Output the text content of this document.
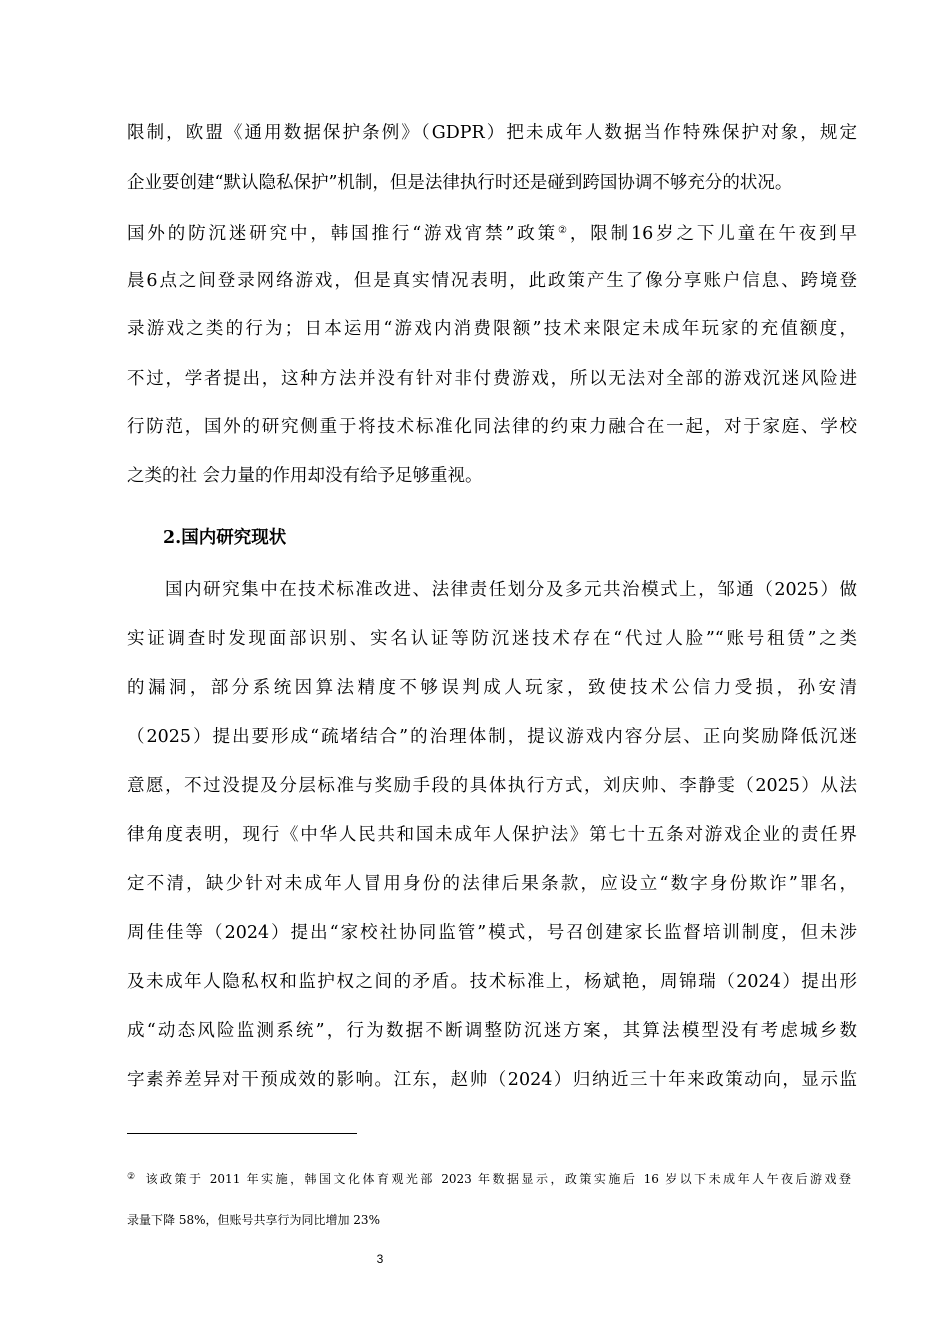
限制，欧盟《通用数据保护条例》（GDPR）把未成年人数据当作特殊保护对象，规定
企业要创建“默认隐私保护”机制，但是法律执行时还是碰到跨国协调不够充分的状况。
国外的防沉迷研究中，韩国推行“游戏宵禁”政策②，限制16岁之下儿童在午夜到早
晨6点之间登录网络游戏，但是真实情况表明，此政策产生了像分享账户信息、跨境登
录游戏之类的行为；日本运用“游戏内消费限额”技术来限定未成年玩家的充值额度，
不过，学者提出，这种方法并没有针对非付费游戏，所以无法对全部的游戏沉迷风险进
行防范，国外的研究侧重于将技术标准化同法律的约束力融合在一起，对于家庭、学校
之类的社 会力量的作用却没有给予足够重视。
2.国内研究现状
国内研究集中在技术标准改进、法律责任划分及多元共治模式上，邹通（2025）做
实证调查时发现面部识别、实名认证等防沉迷技术存在“代过人脸”“账号租赁”之类
的漏洞，部分系统因算法精度不够误判成人玩家，致使技术公信力受损，孙安清
（2025）提出要形成“疏堵结合”的治理体制，提议游戏内容分层、正向奖励降低沉迷
意愿，不过没提及分层标准与奖励手段的具体执行方式，刘庆帅、李静雯（2025）从法
律角度表明，现行《中华人民共和国未成年人保护法》第七十五条对游戏企业的责任界
定不清，缺少针对未成年人冒用身份的法律后果条款，应设立“数字身份欺诈”罪名，
周佳佳等（2024）提出“家校社协同监管”模式，号召创建家长监督培训制度，但未涉
及未成年人隐私权和监护权之间的矛盾。技术标准上，杨斌艳，周锦瑞（2024）提出形
成“动态风险监测系统”，行为数据不断调整防沉迷方案，其算法模型没有考虑城乡数
字素养差异对干预成效的影响。江东，赵帅（2024）归纳近三十年来政策动向，显示监
② 该政策于 2011 年实施，韩国文化体育观光部 2023 年数据显示，政策实施后 16 岁以下未成年人午夜后游戏登
录量下降 58%，但账号共享行为同比增加 23%
3
